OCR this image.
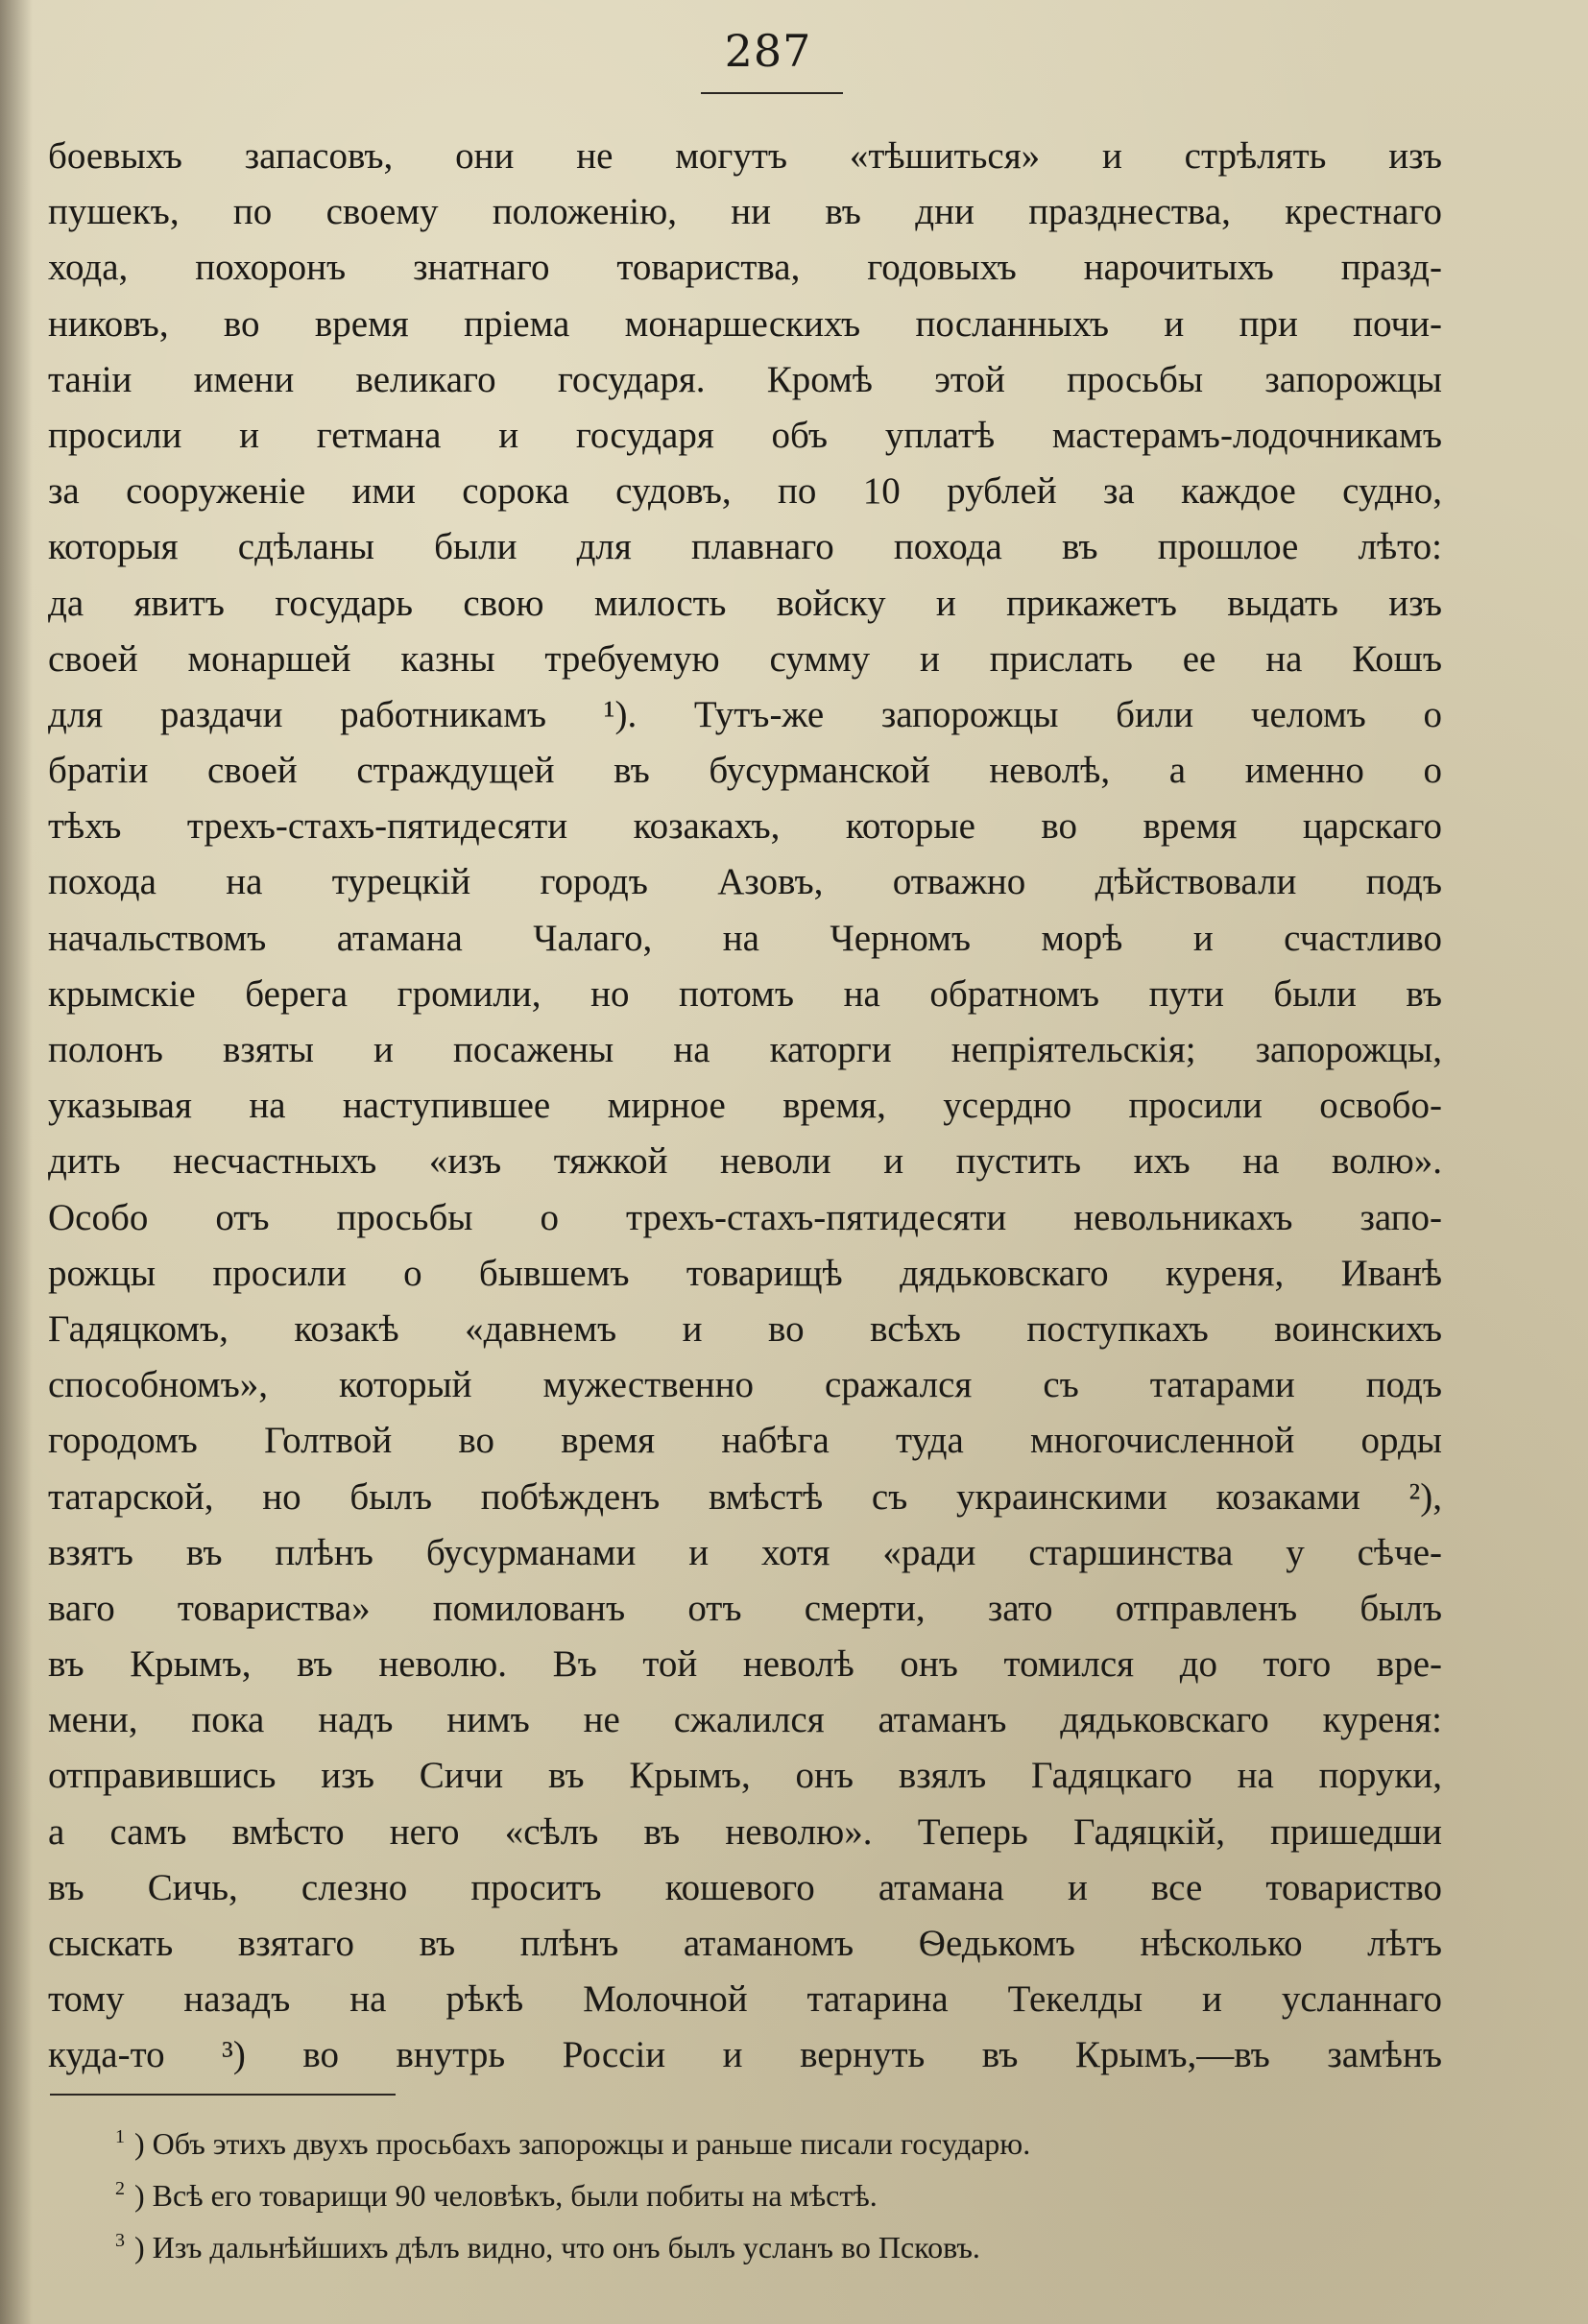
287
боевыхъ запасовъ, они не могутъ «тѣшиться» и стрѣлять изъ
пушекъ, по своему положенію, ни въ дни празднества, крестнаго
хода, похоронъ знатнаго товариства, годовыхъ нарочитыхъ празд-
никовъ, во время пріема монаршескихъ посланныхъ и при почи-
таніи имени великаго государя. Кромѣ этой просьбы запорожцы
просили и гетмана и государя объ уплатѣ мастерамъ-лодочникамъ
за сооруженіе ими сорока судовъ, по 10 рублей за каждое судно,
которыя сдѣланы были для плавнаго похода въ прошлое лѣто:
да явитъ государь свою милость войску и прикажетъ выдать изъ
своей монаршей казны требуемую сумму и прислать ее на Кошъ
для раздачи работникамъ ¹). Тутъ-же запорожцы били челомъ о
братіи своей страждущей въ бусурманской неволѣ, а именно о
тѣхъ трехъ-стахъ-пятидесяти козакахъ, которые во время царскаго
похода на турецкій городъ Азовъ, отважно дѣйствовали подъ
начальствомъ атамана Чалаго, на Черномъ морѣ и счастливо
крымскіе берега громили, но потомъ на обратномъ пути были въ
полонъ взяты и посажены на каторги непріятельскія; запорожцы,
указывая на наступившее мирное время, усердно просили освобо-
дить несчастныхъ «изъ тяжкой неволи и пустить ихъ на волю».
Особо отъ просьбы о трехъ-стахъ-пятидесяти невольникахъ запо-
рожцы просили о бывшемъ товарищѣ дядьковскаго куреня, Иванѣ
Гадяцкомъ, козакѣ «давнемъ и во всѣхъ поступкахъ воинскихъ
способномъ», который мужественно сражался съ татарами подъ
городомъ Голтвой во время набѣга туда многочисленной орды
татарской, но былъ побѣжденъ вмѣстѣ съ украинскими козаками ²),
взятъ въ плѣнъ бусурманами и хотя «ради старшинства у сѣче-
ваго товариства» помилованъ отъ смерти, зато отправленъ былъ
въ Крымъ, въ неволю. Въ той неволѣ онъ томился до того вре-
мени, пока надъ нимъ не сжалился атаманъ дядьковскаго куреня:
отправившись изъ Сичи въ Крымъ, онъ взялъ Гадяцкаго на поруки,
а самъ вмѣсто него «сѣлъ въ неволю». Теперь Гадяцкій, пришедши
въ Сичь, слезно проситъ кошевого атамана и все товариство
сыскать взятаго въ плѣнъ атаманомъ Ѳедькомъ нѣсколько лѣтъ
тому назадъ на рѣкѣ Молочной татарина Текелды и усланнаго
куда-то ³) во внутрь Россіи и вернуть въ Крымъ,—въ замѣнъ
$^1$ ) Объ этихъ двухъ просьбахъ запорожцы и раньше писали государю.
$^2$ ) Всѣ его товарищи 90 человѣкъ, были побиты на мѣстѣ.
$^3$ ) Изъ дальнѣйшихъ дѣлъ видно, что онъ былъ усланъ во Псковъ.
